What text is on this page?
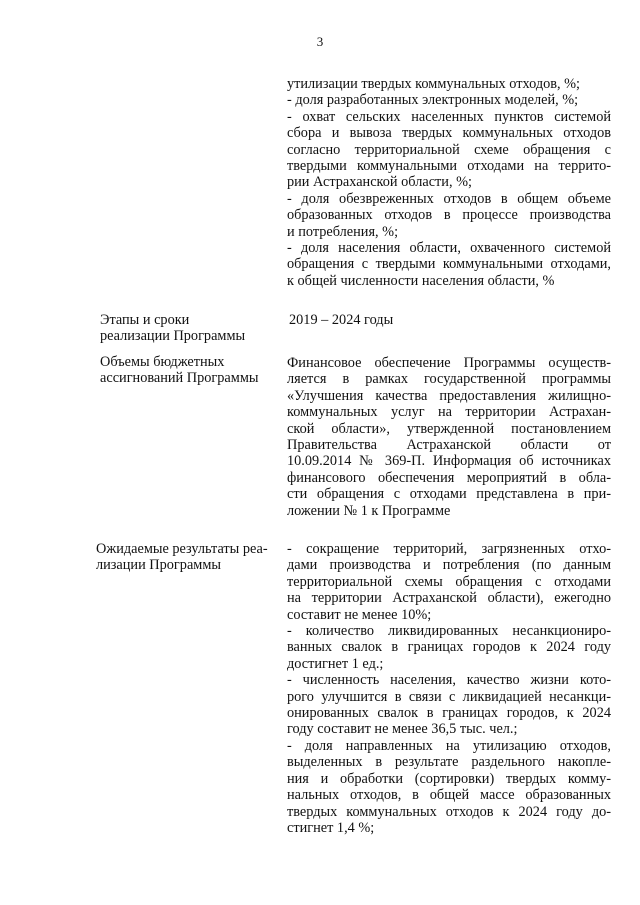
3
утилизации твердых коммунальных отходов, %;
- доля разработанных электронных моделей, %;
- охват сельских населенных пунктов системой
сбора и вывоза твердых коммунальных отходов
согласно территориальной схеме обращения с
твердыми коммунальными отходами на террито-
рии Астраханской области, %;
- доля обезвреженных отходов в общем объеме
образованных отходов в процессе производства
и потребления, %;
- доля населения области, охваченного системой
обращения с твердыми коммунальными отходами,
к общей численности населения области, %
Этапы и сроки
реализации Программы
2019 – 2024 годы
Объемы бюджетных
ассигнований Программы
Финансовое обеспечение Программы осуществ-
ляется в рамках государственной программы
«Улучшения качества предоставления жилищно-
коммунальных услуг на территории Астрахан-
ской области», утвержденной постановлением
Правительства Астраханской области от
10.09.2014 № 369-П. Информация об источниках
финансового обеспечения мероприятий в обла-
сти обращения с отходами представлена в при-
ложении № 1 к Программе
Ожидаемые результаты реа-
лизации Программы
- сокращение территорий, загрязненных отхо-
дами производства и потребления (по данным
территориальной схемы обращения с отходами
на территории Астраханской области), ежегодно
составит не менее 10%;
- количество ликвидированных несанкциониро-
ванных свалок в границах городов к 2024 году
достигнет 1 ед.;
- численность населения, качество жизни кото-
рого улучшится в связи с ликвидацией несанкци-
онированных свалок в границах городов, к 2024
году составит не менее 36,5 тыс. чел.;
- доля направленных на утилизацию отходов,
выделенных в результате раздельного накопле-
ния и обработки (сортировки) твердых комму-
нальных отходов, в общей массе образованных
твердых коммунальных отходов к 2024 году до-
стигнет 1,4 %;
